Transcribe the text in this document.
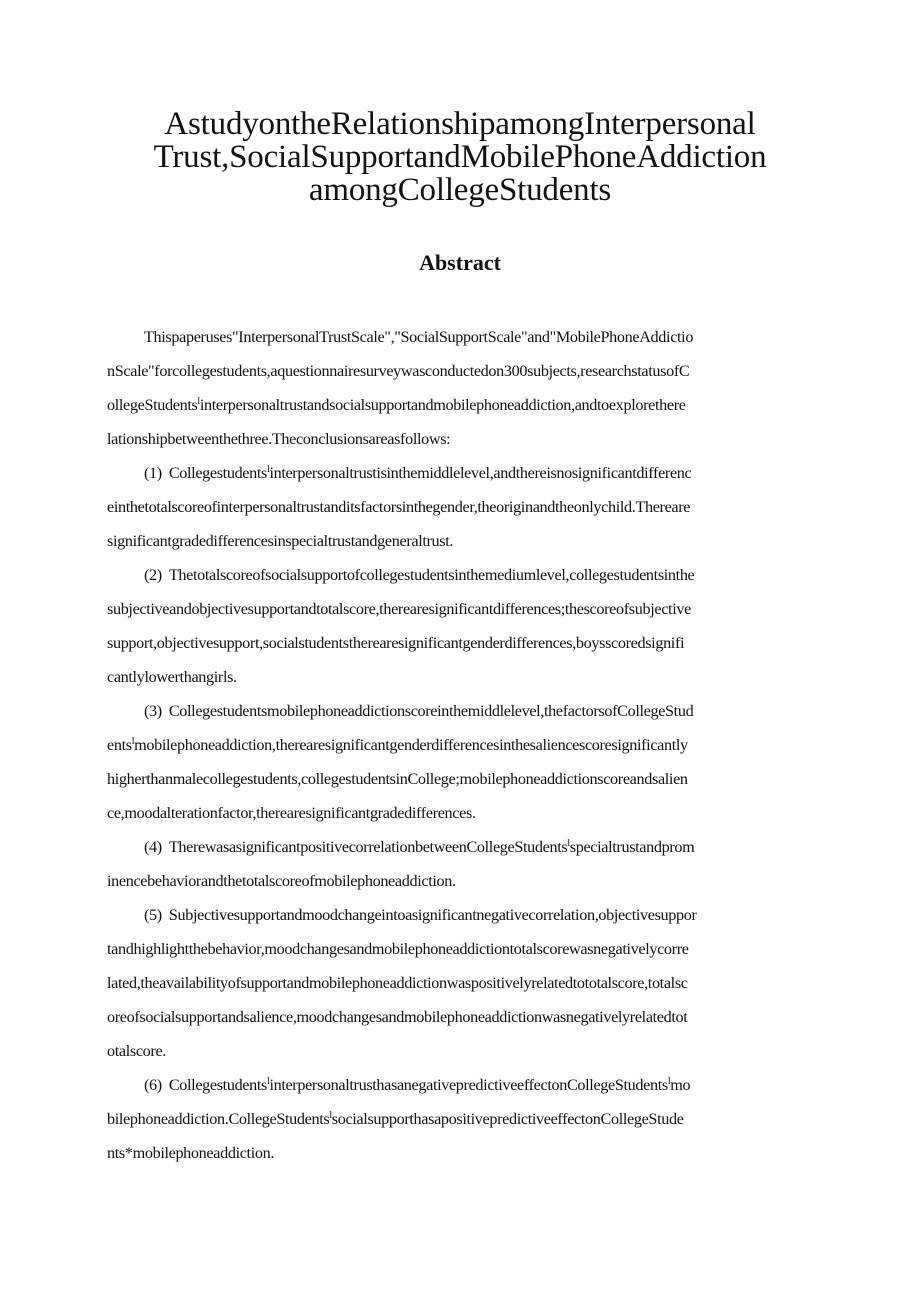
AstudyontheRelationshipamongInterpersonal
Trust,SocialSupportandMobilePhoneAddiction
amongCollegeStudents
Abstract
Thispaperuses"InterpersonalTrustScale","SocialSupportScale"and"MobilePhoneAddictio
nScale"forcollegestudents,aquestionnairesurveywasconductedon300subjects,researchstatusofC
ollegeStudents$^l$interpersonaltrustandsocialsupportandmobilephoneaddiction,andtoexplorethere
lationshipbetweenthethree.Theconclusionsareasfollows:
(1) Collegestudents$^l$interpersonaltrustisinthemiddlelevel,andthereisnosignificantdifferenc
einthetotalscoreofinterpersonaltrustanditsfactorsinthegender,theoriginandtheonlychild.Thereare
significantgradedifferencesinspecialtrustandgeneraltrust.
(2) Thetotalscoreofsocialsupportofcollegestudentsinthemediumlevel,collegestudentsinthe
subjectiveandobjectivesupportandtotalscore,therearesignificantdifferences;thescoreofsubjective
support,objectivesupport,socialstudentstherearesignificantgenderdifferences,boysscoredsignifi
cantlylowerthangirls.
(3) Collegestudentsmobilephoneaddictionscoreinthemiddlelevel,thefactorsofCollegeStud
ents$^l$mobilephoneaddiction,therearesignificantgenderdifferencesinthesaliencescoresignificantly
higherthanmalecollegestudents,collegestudentsinCollege;mobilephoneaddictionscoreandsalien
ce,moodalterationfactor,therearesignificantgradedifferences.
(4) TherewasasignificantpositivecorrelationbetweenCollegeStudents$^l$specialtrustandprom
inencebehaviorandthetotalscoreofmobilephoneaddiction.
(5) Subjectivesupportandmoodchangeintoasignificantnegativecorrelation,objectivesuppor
tandhighlightthebehavior,moodchangesandmobilephoneaddictiontotalscorewasnegativelycorre
lated,theavailabilityofsupportandmobilephoneaddictionwaspositivelyrelatedtototalscore,totalsc
oreofsocialsupportandsalience,moodchangesandmobilephoneaddictionwasnegativelyrelatedtot
otalscore.
(6) Collegestudents$^l$interpersonaltrusthasanegativepredictiveeffectonCollegeStudents$^l$mo
bilephoneaddiction.CollegeStudents$^l$socialsupporthasapositivepredictiveeffectonCollegeStude
nts*mobilephoneaddiction.
